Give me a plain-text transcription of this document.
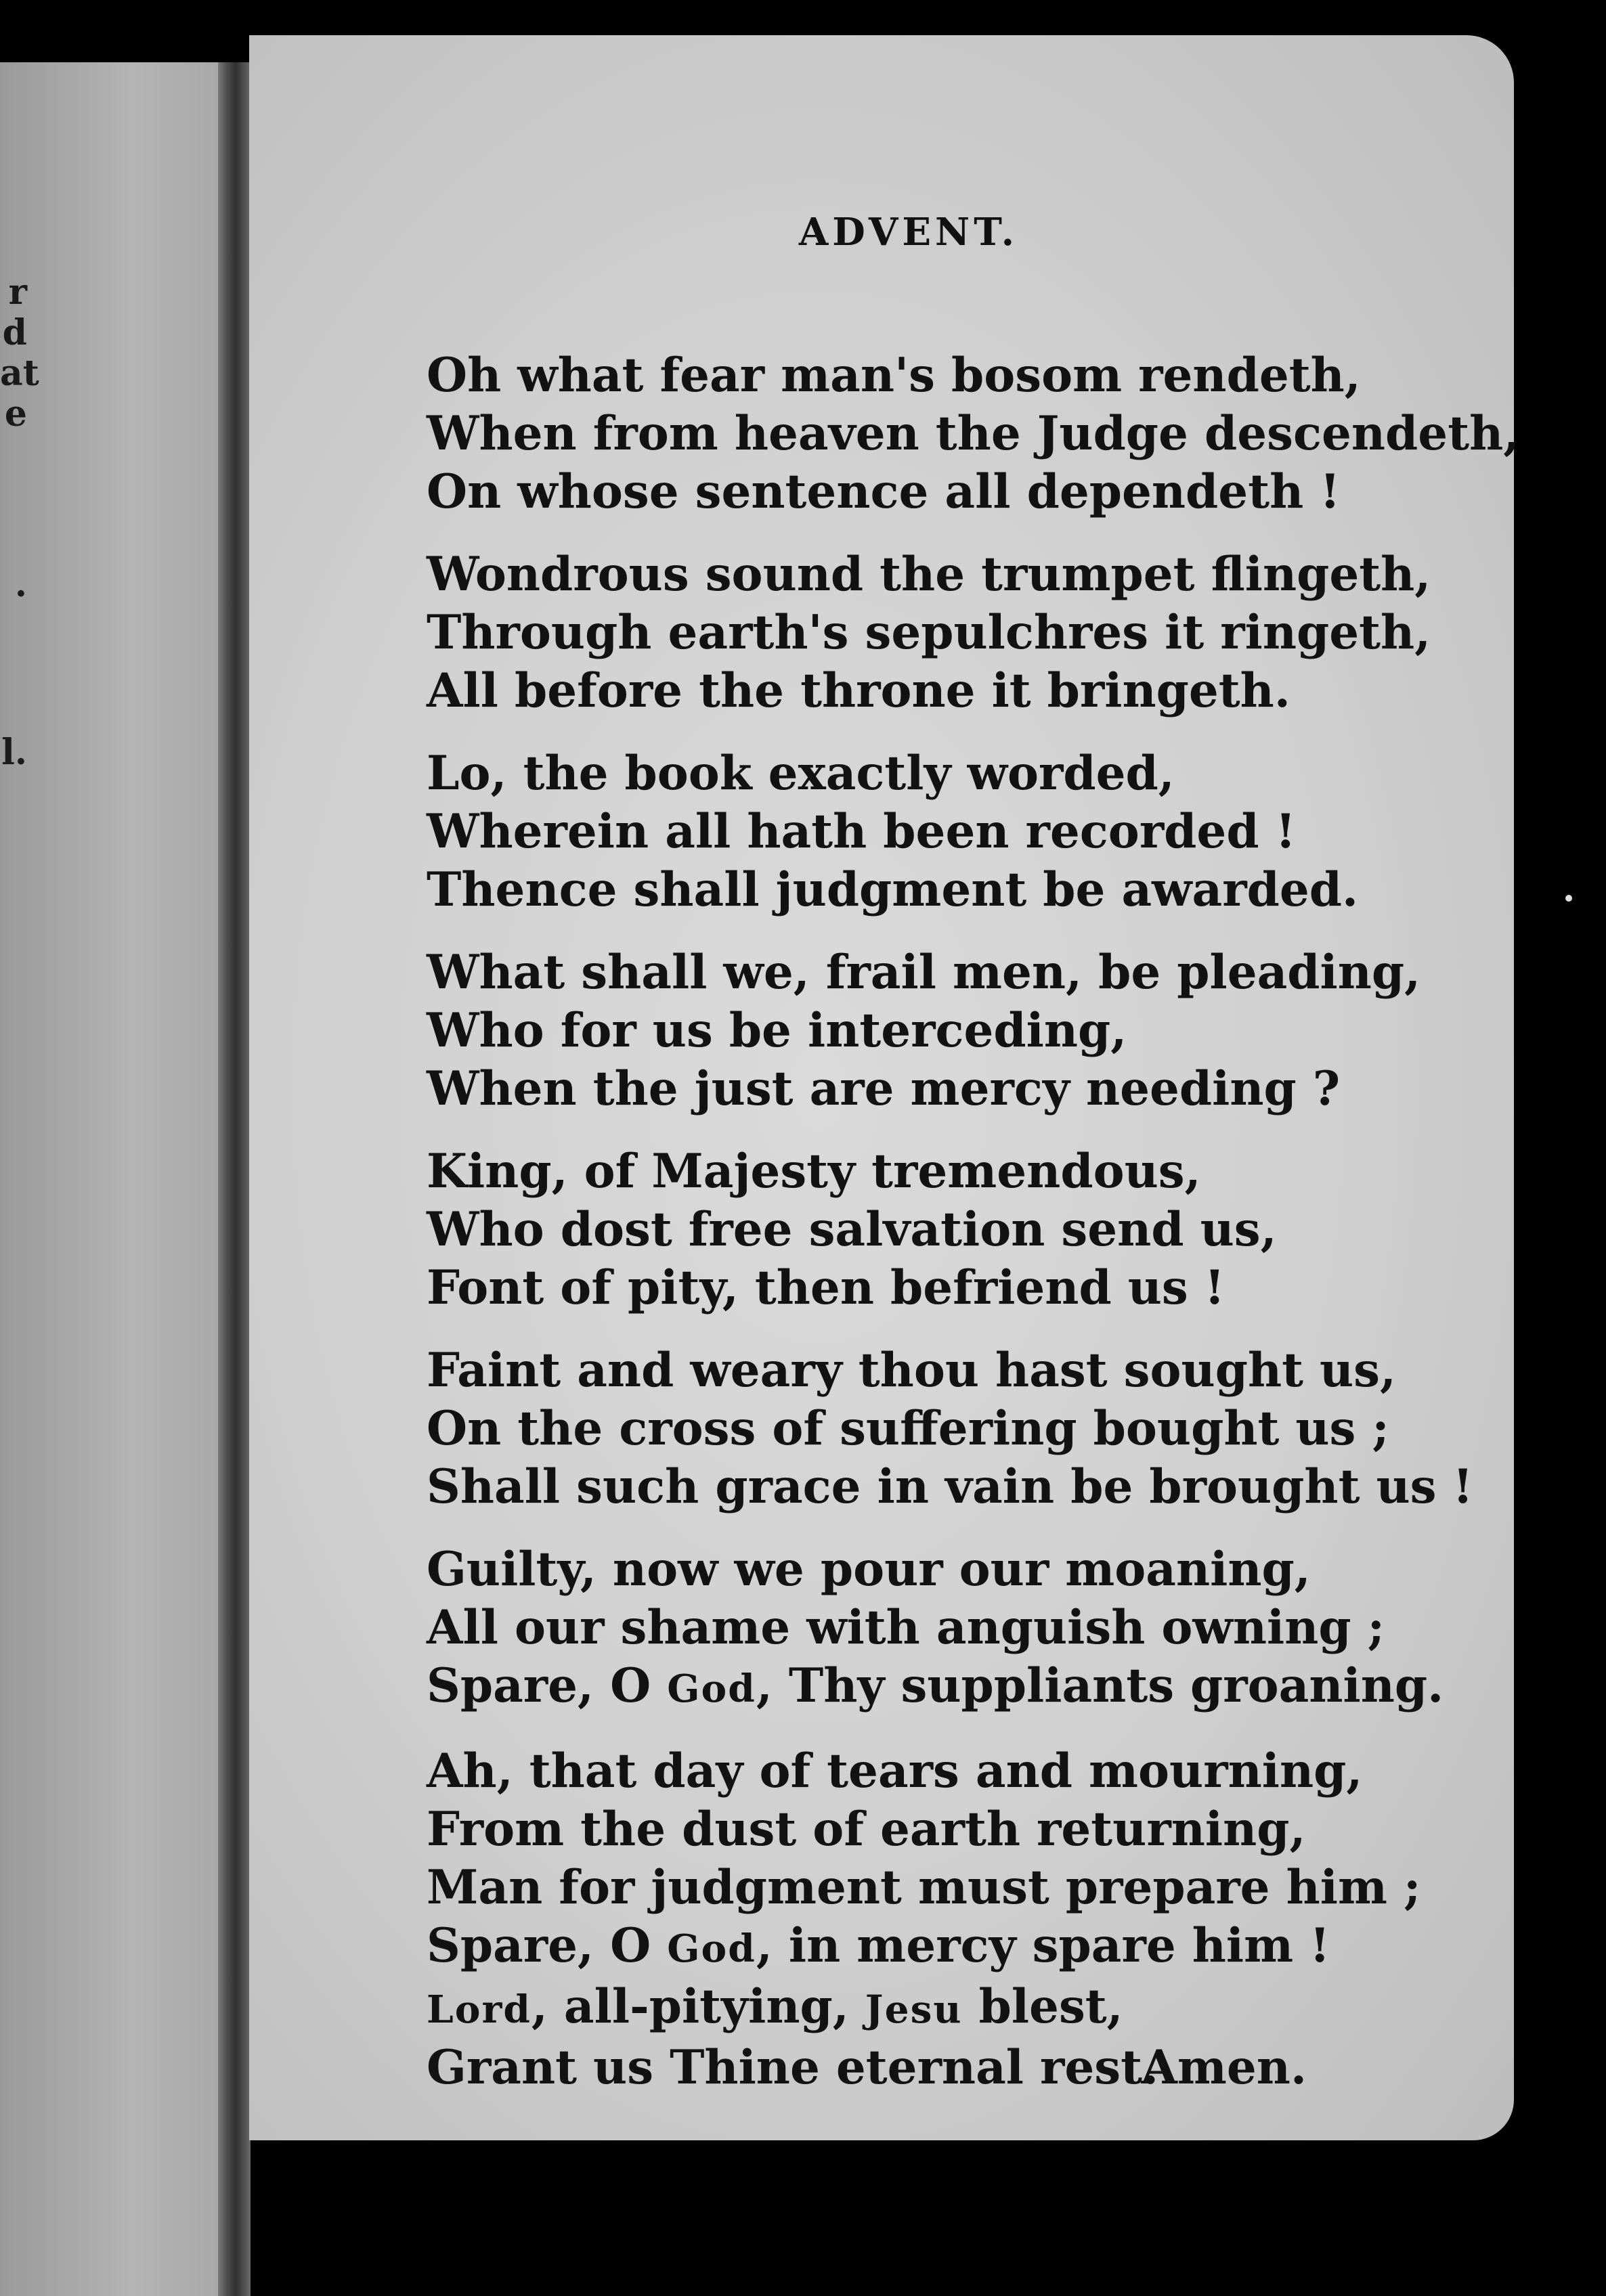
r
d
at
e
.
l.
ADVENT.
Oh what fear man's bosom rendeth,
When from heaven the Judge descendeth,
On whose sentence all dependeth !
Wondrous sound the trumpet flingeth,
Through earth's sepulchres it ringeth,
All before the throne it bringeth.
Lo, the book exactly worded,
Wherein all hath been recorded !
Thence shall judgment be awarded.
What shall we, frail men, be pleading,
Who for us be interceding,
When the just are mercy needing ?
King, of Majesty tremendous,
Who dost free salvation send us,
Font of pity, then befriend us !
Faint and weary thou hast sought us,
On the cross of suffering bought us ;
Shall such grace in vain be brought us !
Guilty, now we pour our moaning,
All our shame with anguish owning ;
Spare, O God, Thy suppliants groaning.
Ah, that day of tears and mourning,
From the dust of earth returning,
Man for judgment must prepare him ;
Spare, O God, in mercy spare him !
Lord, all-pitying, Jesu blest,
Grant us Thine eternal rest.
Amen.
